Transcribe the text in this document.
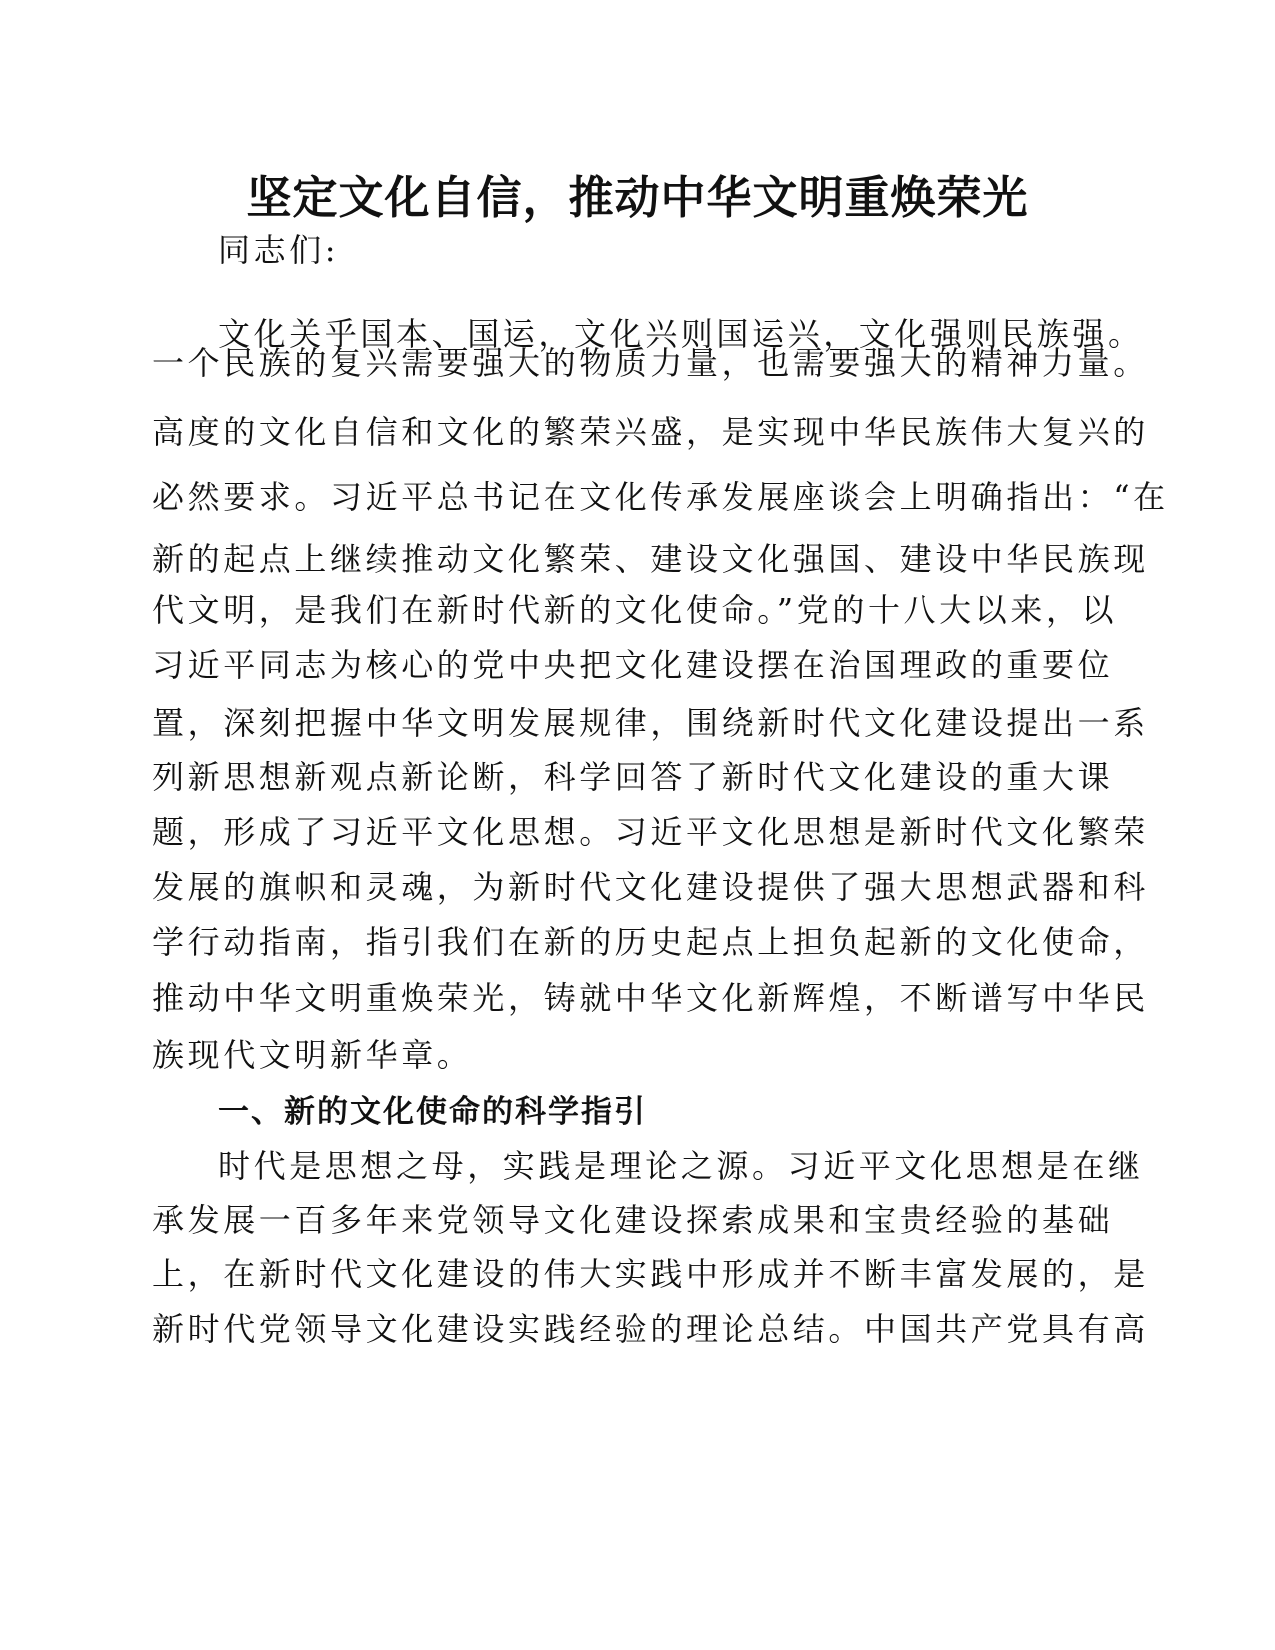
坚定文化自信，推动中华文明重焕荣光

同志们:

文化关乎国本、国运，文化兴则国运兴，文化强则民族强。

一个民族的复兴需要强大的物质力量，也需要强大的精神力量。

高度的文化自信和文化的繁荣兴盛，是实现中华民族伟大复兴的

必然要求。习近平总书记在文化传承发展座谈会上明确指出：“在

新的起点上继续推动文化繁荣、建设文化强国、建设中华民族现

代文明，是我们在新时代新的文化使命。”党的十八大以来，以

习近平同志为核心的党中央把文化建设摆在治国理政的重要位

置，深刻把握中华文明发展规律，围绕新时代文化建设提出一系

列新思想新观点新论断，科学回答了新时代文化建设的重大课

题，形成了习近平文化思想。习近平文化思想是新时代文化繁荣

发展的旗帜和灵魂，为新时代文化建设提供了强大思想武器和科

学行动指南，指引我们在新的历史起点上担负起新的文化使命，

推动中华文明重焕荣光，铸就中华文化新辉煌，不断谱写中华民

族现代文明新华章。

一、新的文化使命的科学指引

时代是思想之母，实践是理论之源。习近平文化思想是在继

承发展一百多年来党领导文化建设探索成果和宝贵经验的基础

上，在新时代文化建设的伟大实践中形成并不断丰富发展的，是

新时代党领导文化建设实践经验的理论总结。中国共产党具有高
